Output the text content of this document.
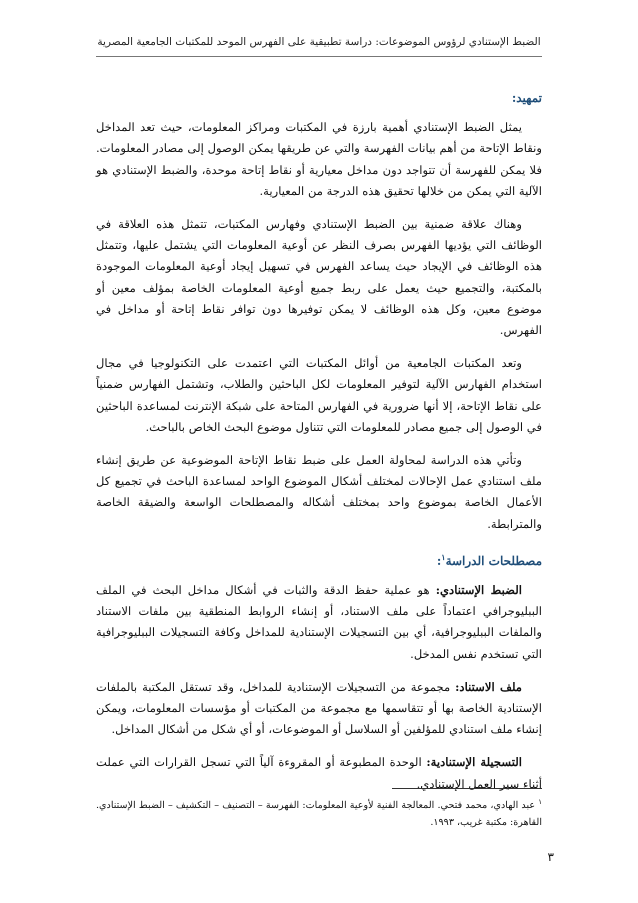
الضبط الإستنادي لرؤوس الموضوعات: دراسة تطبيقية على الفهرس الموحد للمكتبات الجامعية المصرية
تمهيد:

يمثل الضبط الإستنادي أهمية بارزة في المكتبات ومراكز المعلومات، حيث تعد المداخل ونقاط الإتاحة من أهم بيانات الفهرسة والتي عن طريقها يمكن الوصول إلى مصادر المعلومات. فلا يمكن للفهرسة أن تتواجد دون مداخل معيارية أو نقاط إتاحة موحدة، والضبط الإستنادي هو الآلية التي يمكن من خلالها تحقيق هذه الدرجة من المعيارية.

وهناك علاقة ضمنية بين الضبط الإستنادي وفهارس المكتبات، تتمثل هذه العلاقة في الوظائف التي يؤديها الفهرس بصرف النظر عن أوعية المعلومات التي يشتمل عليها، وتتمثل هذه الوظائف في الإيجاد حيث يساعد الفهرس في تسهيل إيجاد أوعية المعلومات الموجودة بالمكتبة، والتجميع حيث يعمل على ربط جميع أوعية المعلومات الخاصة بمؤلف معين أو موضوع معين، وكل هذه الوظائف لا يمكن توفيرها دون توافر نقاط إتاحة أو مداخل في الفهرس.

وتعد المكتبات الجامعية من أوائل المكتبات التي اعتمدت على التكنولوجيا في مجال استخدام الفهارس الآلية لتوفير المعلومات لكل الباحثين والطلاب، وتشتمل الفهارس ضمنياً على نقاط الإتاحة، إلا أنها ضرورية في الفهارس المتاحة على شبكة الإنترنت لمساعدة الباحثين في الوصول إلى جميع مصادر للمعلومات التي تتناول موضوع البحث الخاص بالباحث.

وتأتي هذه الدراسة لمحاولة العمل على ضبط نقاط الإتاحة الموضوعية عن طريق إنشاء ملف استنادي عمل الإحالات لمختلف أشكال الموضوع الواحد لمساعدة الباحث في تجميع كل الأعمال الخاصة بموضوع واحد بمختلف أشكاله والمصطلحات الواسعة والضيقة الخاصة والمترابطة.

مصطلحات الدراسة$^١$:

الضبط الإستنادي: هو عملية حفظ الدقة والثبات في أشكال مداخل البحث في الملف الببليوجرافي اعتماداً على ملف الاستناد، أو إنشاء الروابط المنطقية بين ملفات الاستناد والملفات الببليوجرافية، أي بين التسجيلات الإستنادية للمداخل وكافة التسجيلات الببليوجرافية التي تستخدم نفس المدخل.

ملف الاستناد: مجموعة من التسجيلات الإستنادية للمداخل، وقد تستقل المكتبة بالملفات الإستنادية الخاصة بها أو تتقاسمها مع مجموعة من المكتبات أو مؤسسات المعلومات، ويمكن إنشاء ملف استنادي للمؤلفين أو السلاسل أو الموضوعات، أو أي شكل من أشكال المداخل.

التسجيلة الإستنادية: الوحدة المطبوعة أو المقروءة آلياً التي تسجل القرارات التي عملت أثناء سير العمل الإستنادي.

$^١$ عبد الهادي، محمد فتحي. المعالجة الفنية لأوعية المعلومات: الفهرسة – التصنيف – التكشيف – الضبط الإستنادي. القاهرة: مكتبة غريب، ١٩٩٣.
٣
